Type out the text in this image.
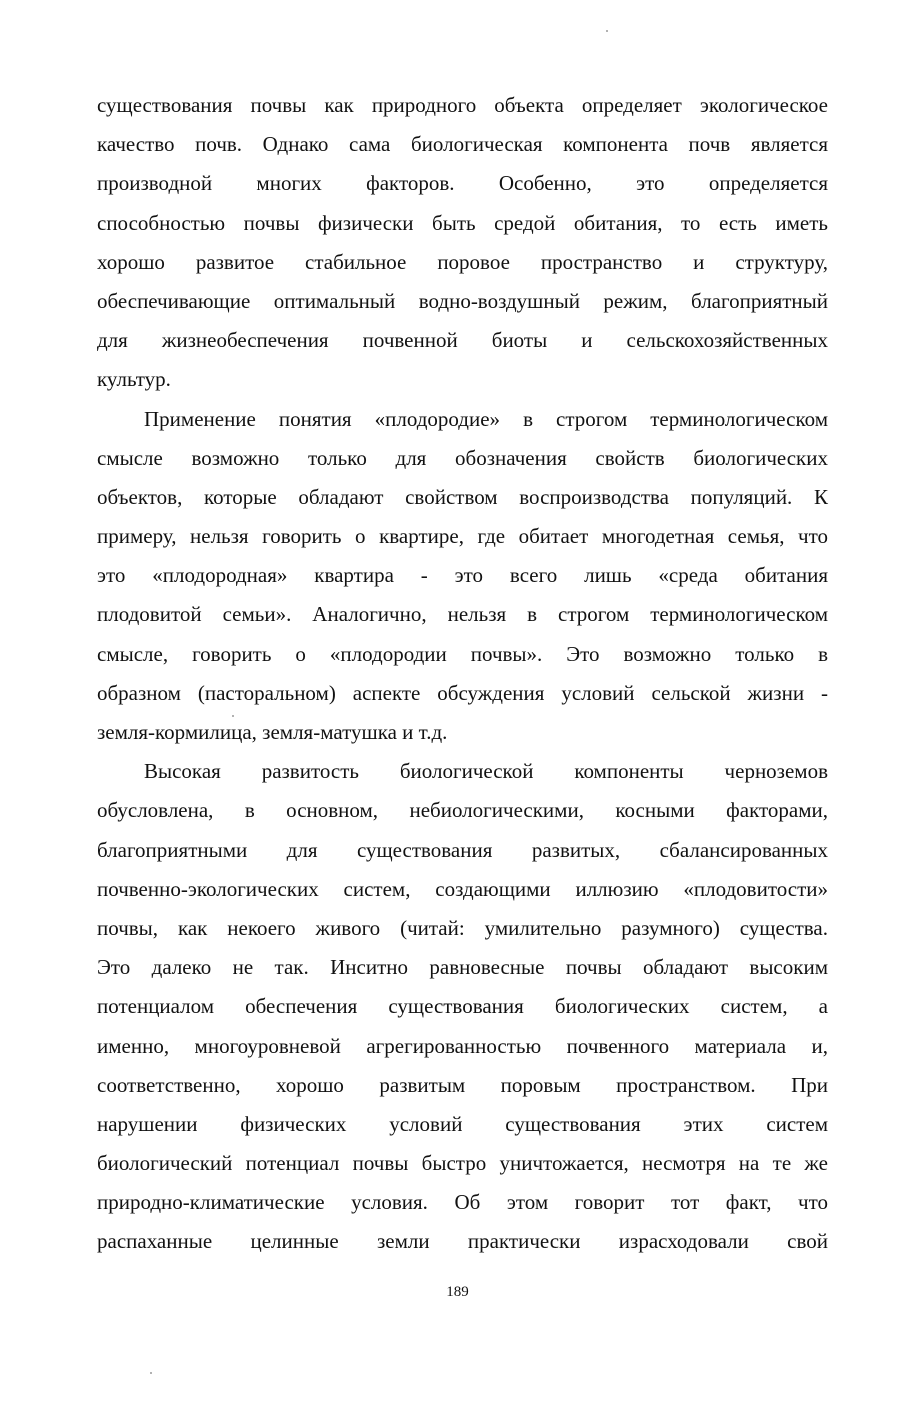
существования почвы как природного объекта определяет экологическое
качество почв. Однако сама биологическая компонента почв является
производной многих факторов. Особенно, это определяется
способностью почвы физически быть средой обитания, то есть иметь
хорошо развитое стабильное поровое пространство и структуру,
обеспечивающие оптимальный водно-воздушный режим, благоприятный
для жизнеобеспечения почвенной биоты и сельскохозяйственных
культур.
Применение понятия «плодородие» в строгом терминологическом
смысле возможно только для обозначения свойств биологических
объектов, которые обладают свойством воспроизводства популяций. К
примеру, нельзя говорить о квартире, где обитает многодетная семья, что
это «плодородная» квартира - это всего лишь «среда обитания
плодовитой семьи». Аналогично, нельзя в строгом терминологическом
смысле, говорить о «плодородии почвы». Это возможно только в
образном (пасторальном) аспекте обсуждения условий сельской жизни -
земля-кормилица, земля-матушка и т.д.
Высокая развитость биологической компоненты черноземов
обусловлена, в основном, небиологическими, косными факторами,
благоприятными для существования развитых, сбалансированных
почвенно-экологических систем, создающими иллюзию «плодовитости»
почвы, как некоего живого (читай: умилительно разумного) существа.
Это далеко не так. Инситно равновесные почвы обладают высоким
потенциалом обеспечения существования биологических систем, а
именно, многоуровневой агрегированностью почвенного материала и,
соответственно, хорошо развитым поровым пространством. При
нарушении физических условий существования этих систем
биологический потенциал почвы быстро уничтожается, несмотря на те же
природно-климатические условия. Об этом говорит тот факт, что
распаханные целинные земли практически израсходовали свой
189
